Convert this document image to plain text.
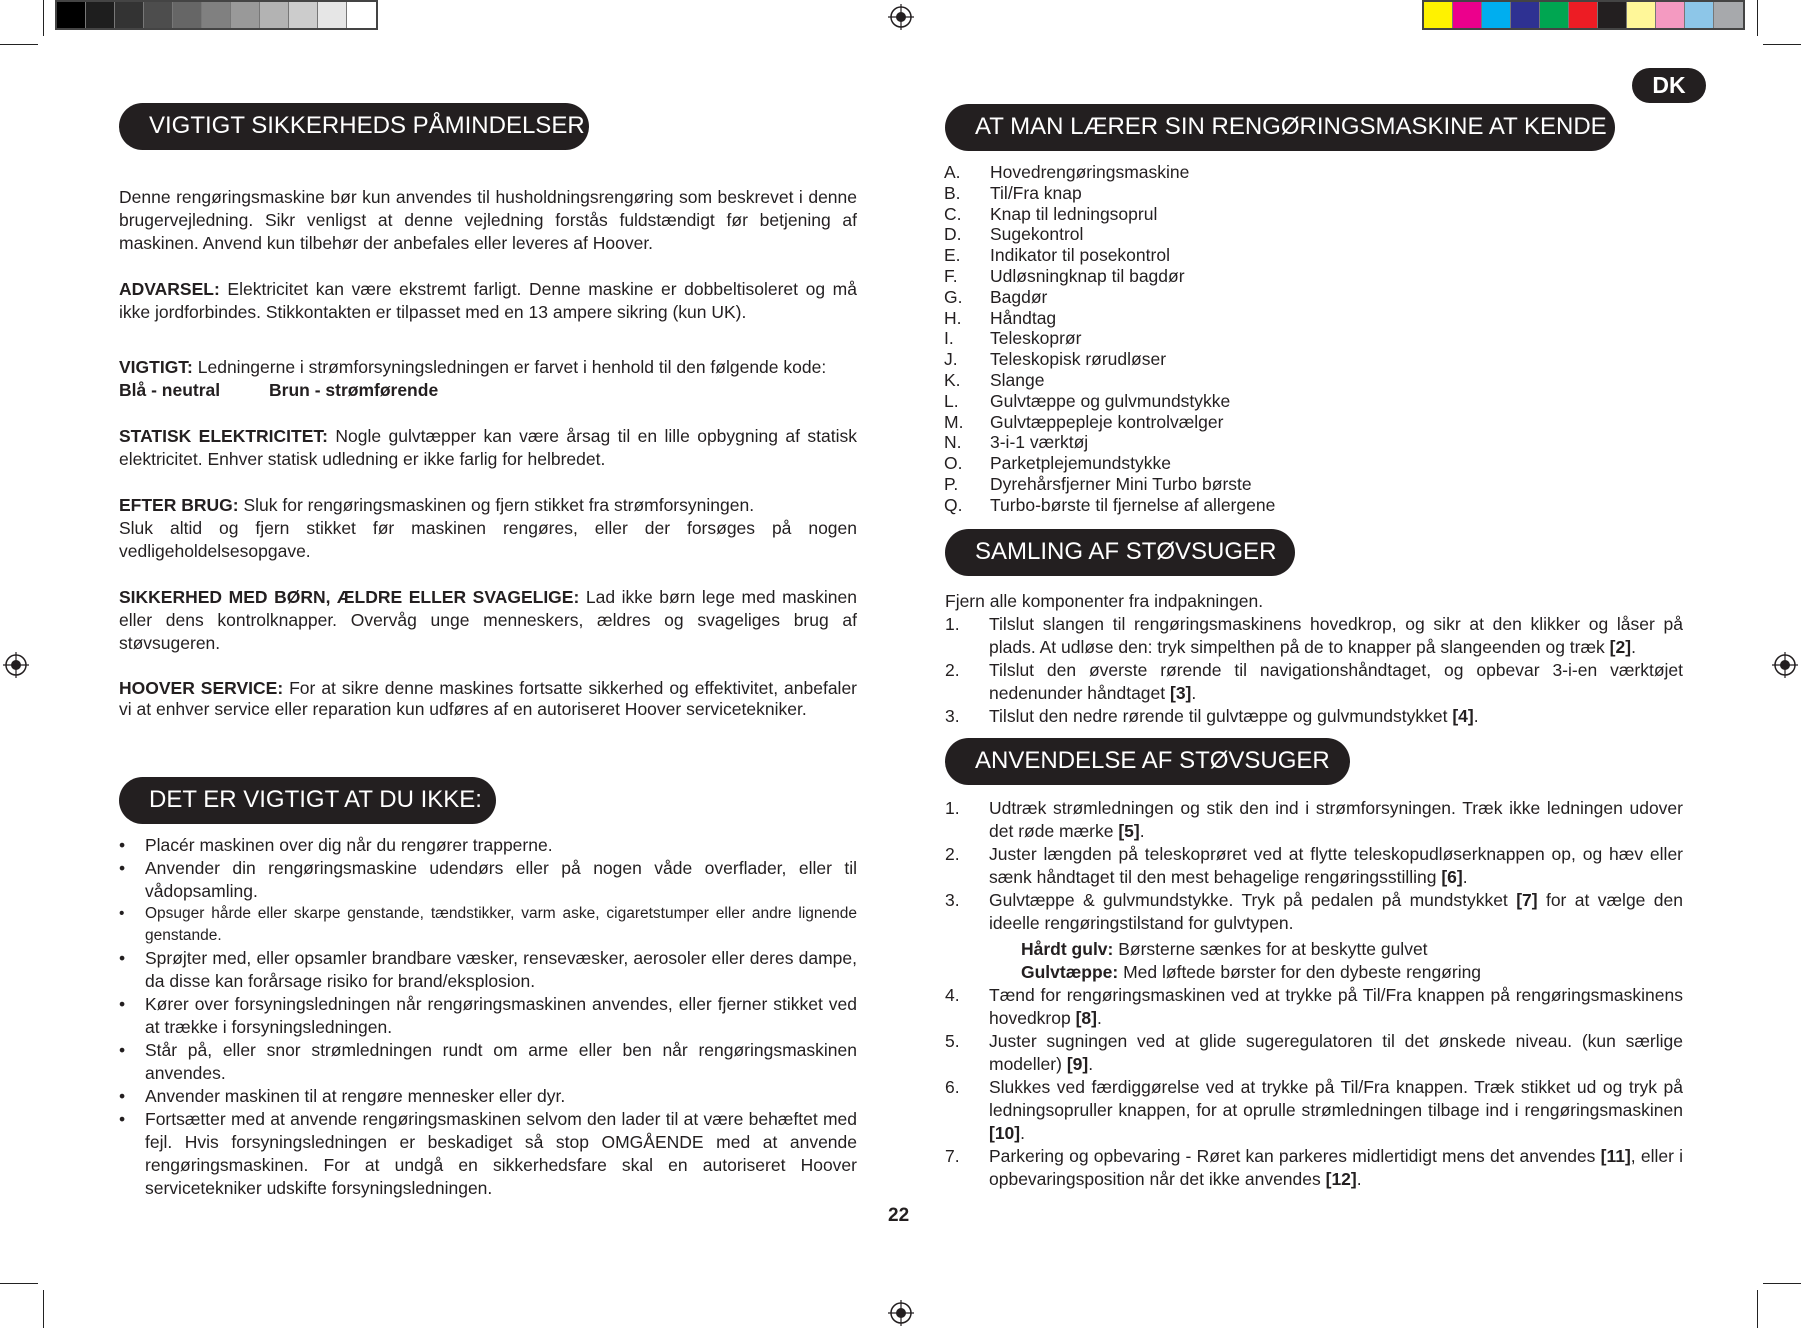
DK
VIGTIGT SIKKERHEDS PÅMINDELSER

Denne rengøringsmaskine bør kun anvendes til husholdningsrengøring som beskrevet i denne brugervejledning. Sikr venligst at denne vejledning forstås fuldstændigt før betjening af maskinen. Anvend kun tilbehør der anbefales eller leveres af Hoover.

ADVARSEL: Elektricitet kan være ekstremt farligt. Denne maskine er dobbeltisoleret og må ikke jordforbindes. Stikkontakten er tilpasset med en 13 ampere sikring (kun UK).

VIGTIGT: Ledningerne i strømforsyningsledningen er farvet i henhold til den følgende kode:

Blå - neutral	Brun - strømførende

STATISK ELEKTRICITET: Nogle gulvtæpper kan være årsag til en lille opbygning af statisk elektricitet. Enhver statisk udledning er ikke farlig for helbredet.

EFTER BRUG: Sluk for rengøringsmaskinen og fjern stikket fra strømforsyningen.

Sluk altid og fjern stikket før maskinen rengøres, eller der forsøges på nogen vedligeholdelsesopgave.

SIKKERHED MED BØRN, ÆLDRE ELLER SVAGELIGE: Lad ikke børn lege med maskinen eller dens kontrolknapper. Overvåg unge menneskers, ældres og svageliges brug af støvsugeren.

HOOVER SERVICE: For at sikre denne maskines fortsatte sikkerhed og effektivitet, anbefaler vi at enhver service eller reparation kun udføres af en autoriseret Hoover servicetekniker.

DET ER VIGTIGT AT DU IKKE:
•	Placér maskinen over dig når du rengører trapperne.
•	Anvender din rengøringsmaskine udendørs eller på nogen våde overflader, eller til vådopsamling.
•	Opsuger hårde eller skarpe genstande, tændstikker, varm aske, cigaretstumper eller andre lignende genstande.
•	Sprøjter med, eller opsamler brandbare væsker, rensevæsker, aerosoler eller deres dampe, da disse kan forårsage risiko for brand/eksplosion.
•	Kører over forsyningsledningen når rengøringsmaskinen anvendes, eller fjerner stikket ved at trække i forsyningsledningen.
•	Står på, eller snor strømledningen rundt om arme eller ben når rengøringsmaskinen anvendes.
•	Anvender maskinen til at rengøre mennesker eller dyr.
•	Fortsætter med at anvende rengøringsmaskinen selvom den lader til at være behæftet med fejl. Hvis forsyningsledningen er beskadiget så stop OMGÅENDE med at anvende rengøringsmaskinen. For at undgå en sikkerhedsfare skal en autoriseret Hoover servicetekniker udskifte forsyningsledningen.
AT MAN LÆRER SIN RENGØRINGSMASKINE AT KENDE
A.	Hovedrengøringsmaskine
B.	Til/Fra knap
C.	Knap til ledningsoprul
D.	Sugekontrol
E.	Indikator til posekontrol
F.	Udløsningknap til bagdør
G.	Bagdør
H.	Håndtag
I.	Teleskoprør
J.	Teleskopisk rørudløser
K.	Slange
L.	Gulvtæppe og gulvmundstykke
M.	Gulvtæppepleje kontrolvælger
N.	3-i-1 værktøj
O.	Parketplejemundstykke
P.	Dyrehårsfjerner Mini Turbo børste
Q.	Turbo-børste til fjernelse af allergene
SAMLING AF STØVSUGER

Fjern alle komponenter fra indpakningen.

1.	Tilslut slangen til rengøringsmaskinens hovedkrop, og sikr at den klikker og låser på plads. At udløse den: tryk simpelthen på de to knapper på slangeenden og træk [2].
2.	Tilslut den øverste rørende til navigationshåndtaget, og opbevar 3-i-en værktøjet nedenunder håndtaget [3].
3.	Tilslut den nedre rørende til gulvtæppe og gulvmundstykket [4].
ANVENDELSE AF STØVSUGER
1.	Udtræk strømledningen og stik den ind i strømforsyningen. Træk ikke ledningen udover det røde mærke [5].
2.	Juster længden på teleskoprøret ved at flytte teleskopudløserknappen op, og hæv eller sænk håndtaget til den mest behagelige rengøringsstilling [6].
3.	Gulvtæppe & gulvmundstykke. Tryk på pedalen på mundstykket [7] for at vælge den ideelle rengøringstilstand for gulvtypen.

Hårdt gulv: Børsterne sænkes for at beskytte gulvet

Gulvtæppe: Med løftede børster for den dybeste rengøring

4.	Tænd for rengøringsmaskinen ved at trykke på Til/Fra knappen på rengøringsmaskinens hovedkrop [8].
5.	Juster sugningen ved at glide sugeregulatoren til det ønskede niveau. (kun særlige modeller) [9].
6.	Slukkes ved færdiggørelse ved at trykke på Til/Fra knappen. Træk stikket ud og tryk på ledningsopruller knappen, for at oprulle strømledningen tilbage ind i rengøringsmaskinen [10].
7.	Parkering og opbevaring - Røret kan parkeres midlertidigt mens det anvendes [11], eller i opbevaringsposition når det ikke anvendes [12].
22
